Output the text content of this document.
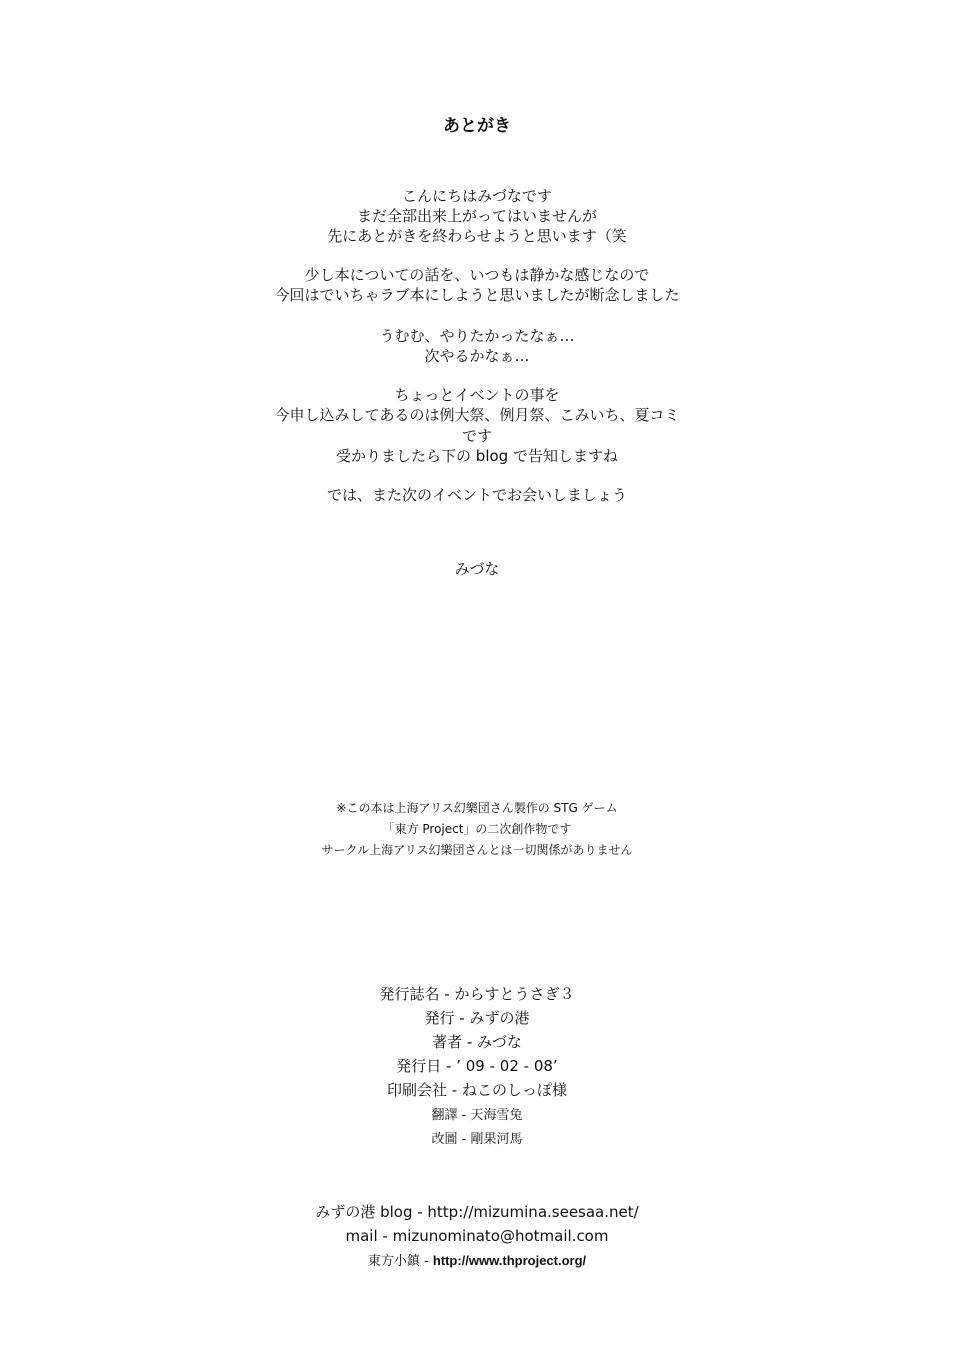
あとがき
こんにちはみづなです
まだ全部出来上がってはいませんが
先にあとがきを終わらせようと思います（笑
少し本についての話を、いつもは静かな感じなので
今回はでいちゃラブ本にしようと思いましたが断念しました
うむむ、やりたかったなぁ…
次やるかなぁ…
ちょっとイベントの事を
今申し込みしてあるのは例大祭、例月祭、こみいち、夏コミ
です
受かりましたら下の blog で告知しますね
では、また次のイベントでお会いしましょう
みづな
※この本は上海アリス幻樂団さん製作の STG ゲーム
「東方 Project」の二次創作物です
サークル上海アリス幻樂団さんとは一切関係がありません
発行誌名 - からすとうさぎ３
発行 - みずの港
著者 - みづな
発行日 - ’ 09 - 02 - 08’
印刷会社 - ねこのしっぽ様
翻譯 - 天海雪兔
改圖 - 剛果河馬
みずの港 blog - http://mizumina.seesaa.net/
mail - mizunominato@hotmail.com
東方小鎮 - http://www.thproject.org/
